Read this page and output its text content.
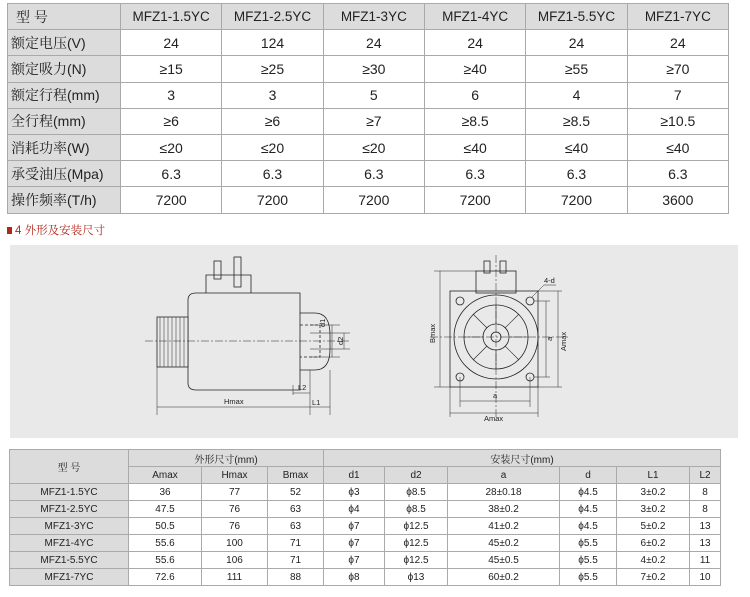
型 号	MFZ1-1.5YC	MFZ1-2.5YC	MFZ1-3YC	MFZ1-4YC	MFZ1-5.5YC	MFZ1-7YC
额定电压(V)	24	124	24	24	24	24
额定吸力(N)	≥15	≥25	≥30	≥40	≥55	≥70
额定行程(mm)	3	3	5	6	4	7
全行程(mm)	≥6	≥6	≥7	≥8.5	≥8.5	≥10.5
消耗功率(W)	≤20	≤20	≤20	≤40	≤40	≤40
承受油压(Mpa)	6.3	6.3	6.3	6.3	6.3	6.3
操作频率(T/h)	7200	7200	7200	7200	7200	3600
4 外形及安装尺寸
d1
d2
L2
L1
Hmax
4-d
Bmax	a Amax
a
Amax
型 号	外形尺寸(mm)			安装尺寸(mm)					
	Amax	Hmax	Bmax	d1	d2	a	d	L1	L2
MFZ1-1.5YC	36	77	52	ϕ3	ϕ8.5	28±0.18	ϕ4.5	3±0.2	8
MFZ1-2.5YC	47.5	76	63	ϕ4	ϕ8.5	38±0.2	ϕ4.5	3±0.2	8
MFZ1-3YC	50.5	76	63	ϕ7	ϕ12.5	41±0.2	ϕ4.5	5±0.2	13
MFZ1-4YC	55.6	100	71	ϕ7	ϕ12.5	45±0.2	ϕ5.5	6±0.2	13
MFZ1-5.5YC	55.6	106	71	ϕ7	ϕ12.5	45±0.5	ϕ5.5	4±0.2	11
MFZ1-7YC	72.6	111	88	ϕ8	ϕ13	60±0.2	ϕ5.5	7±0.2	10
